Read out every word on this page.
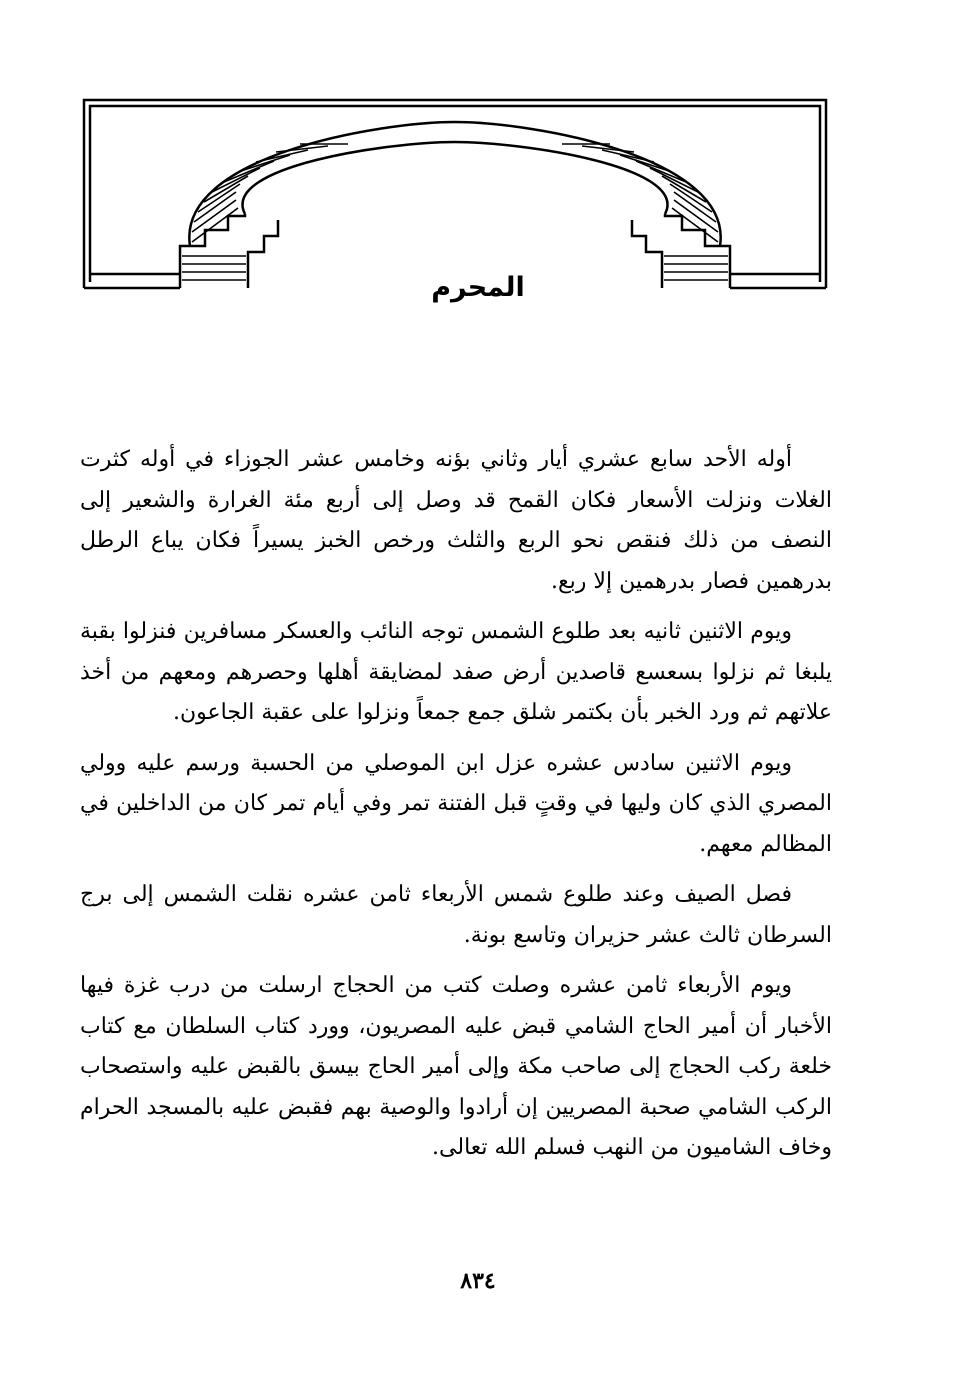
المحرم

أوله الأحد سابع عشري أيار وثاني بؤنه وخامس عشر الجوزاء في أوله كثرت الغلات ونزلت الأسعار فكان القمح قد وصل إلى أربع مئة الغرارة والشعير إلى النصف من ذلك فنقص نحو الربع والثلث ورخص الخبز يسيراً فكان يباع الرطل بدرهمين فصار بدرهمين إلا ربع.

ويوم الاثنين ثانيه بعد طلوع الشمس توجه النائب والعسكر مسافرين فنزلوا بقبة يلبغا ثم نزلوا بسعسع قاصدين أرض صفد لمضايقة أهلها وحصرهم ومعهم من أخذ علاتهم ثم ورد الخبر بأن بكتمر شلق جمع جمعاً ونزلوا على عقبة الجاعون.

ويوم الاثنين سادس عشره عزل ابن الموصلي من الحسبة ورسم عليه وولي المصري الذي كان وليها في وقتٍ قبل الفتنة تمر وفي أيام تمر كان من الداخلين في المظالم معهم.

فصل الصيف وعند طلوع شمس الأربعاء ثامن عشره نقلت الشمس إلى برج السرطان ثالث عشر حزيران وتاسع بونة.

ويوم الأربعاء ثامن عشره وصلت كتب من الحجاج ارسلت من درب غزة فيها الأخبار أن أمير الحاج الشامي قبض عليه المصريون، وورد كتاب السلطان مع كتاب خلعة ركب الحجاج إلى صاحب مكة وإلى أمير الحاج بيسق بالقبض عليه واستصحاب الركب الشامي صحبة المصريين إن أرادوا والوصية بهم فقبض عليه بالمسجد الحرام وخاف الشاميون من النهب فسلم الله تعالى.

٨٣٤
